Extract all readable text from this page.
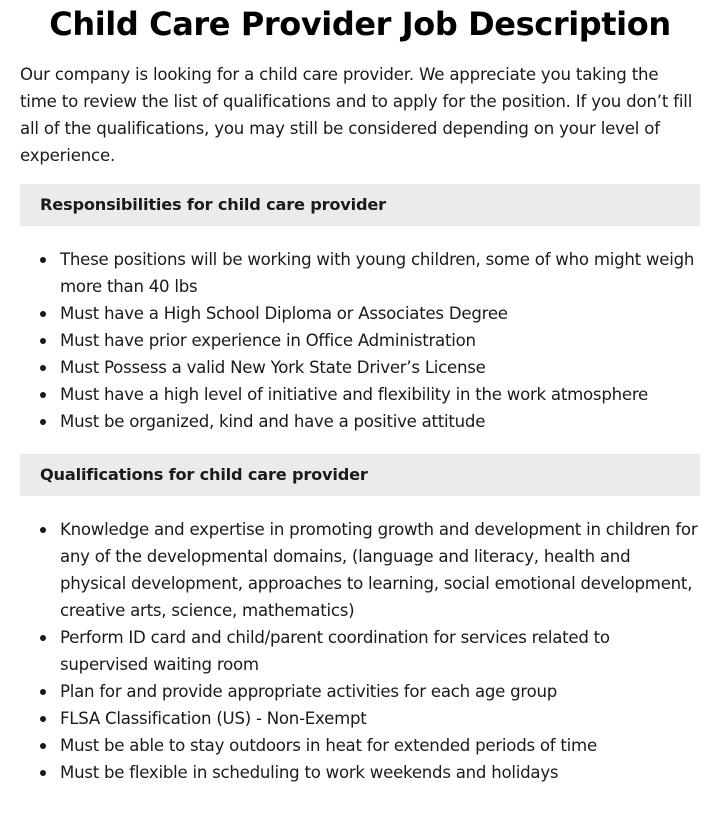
Child Care Provider Job Description

Our company is looking for a child care provider. We appreciate you taking the time to review the list of qualifications and to apply for the position. If you don’t fill all of the qualifications, you may still be considered depending on your level of experience.

Responsibilities for child care provider
These positions will be working with young children, some of who might weigh more than 40 lbs
Must have a High School Diploma or Associates Degree
Must have prior experience in Office Administration
Must Possess a valid New York State Driver’s License
Must have a high level of initiative and flexibility in the work atmosphere
Must be organized, kind and have a positive attitude
Qualifications for child care provider
Knowledge and expertise in promoting growth and development in children for any of the developmental domains, (language and literacy, health and physical development, approaches to learning, social emotional development, creative arts, science, mathematics)
Perform ID card and child/parent coordination for services related to supervised waiting room
Plan for and provide appropriate activities for each age group
FLSA Classification (US) - Non-Exempt
Must be able to stay outdoors in heat for extended periods of time
Must be flexible in scheduling to work weekends and holidays
